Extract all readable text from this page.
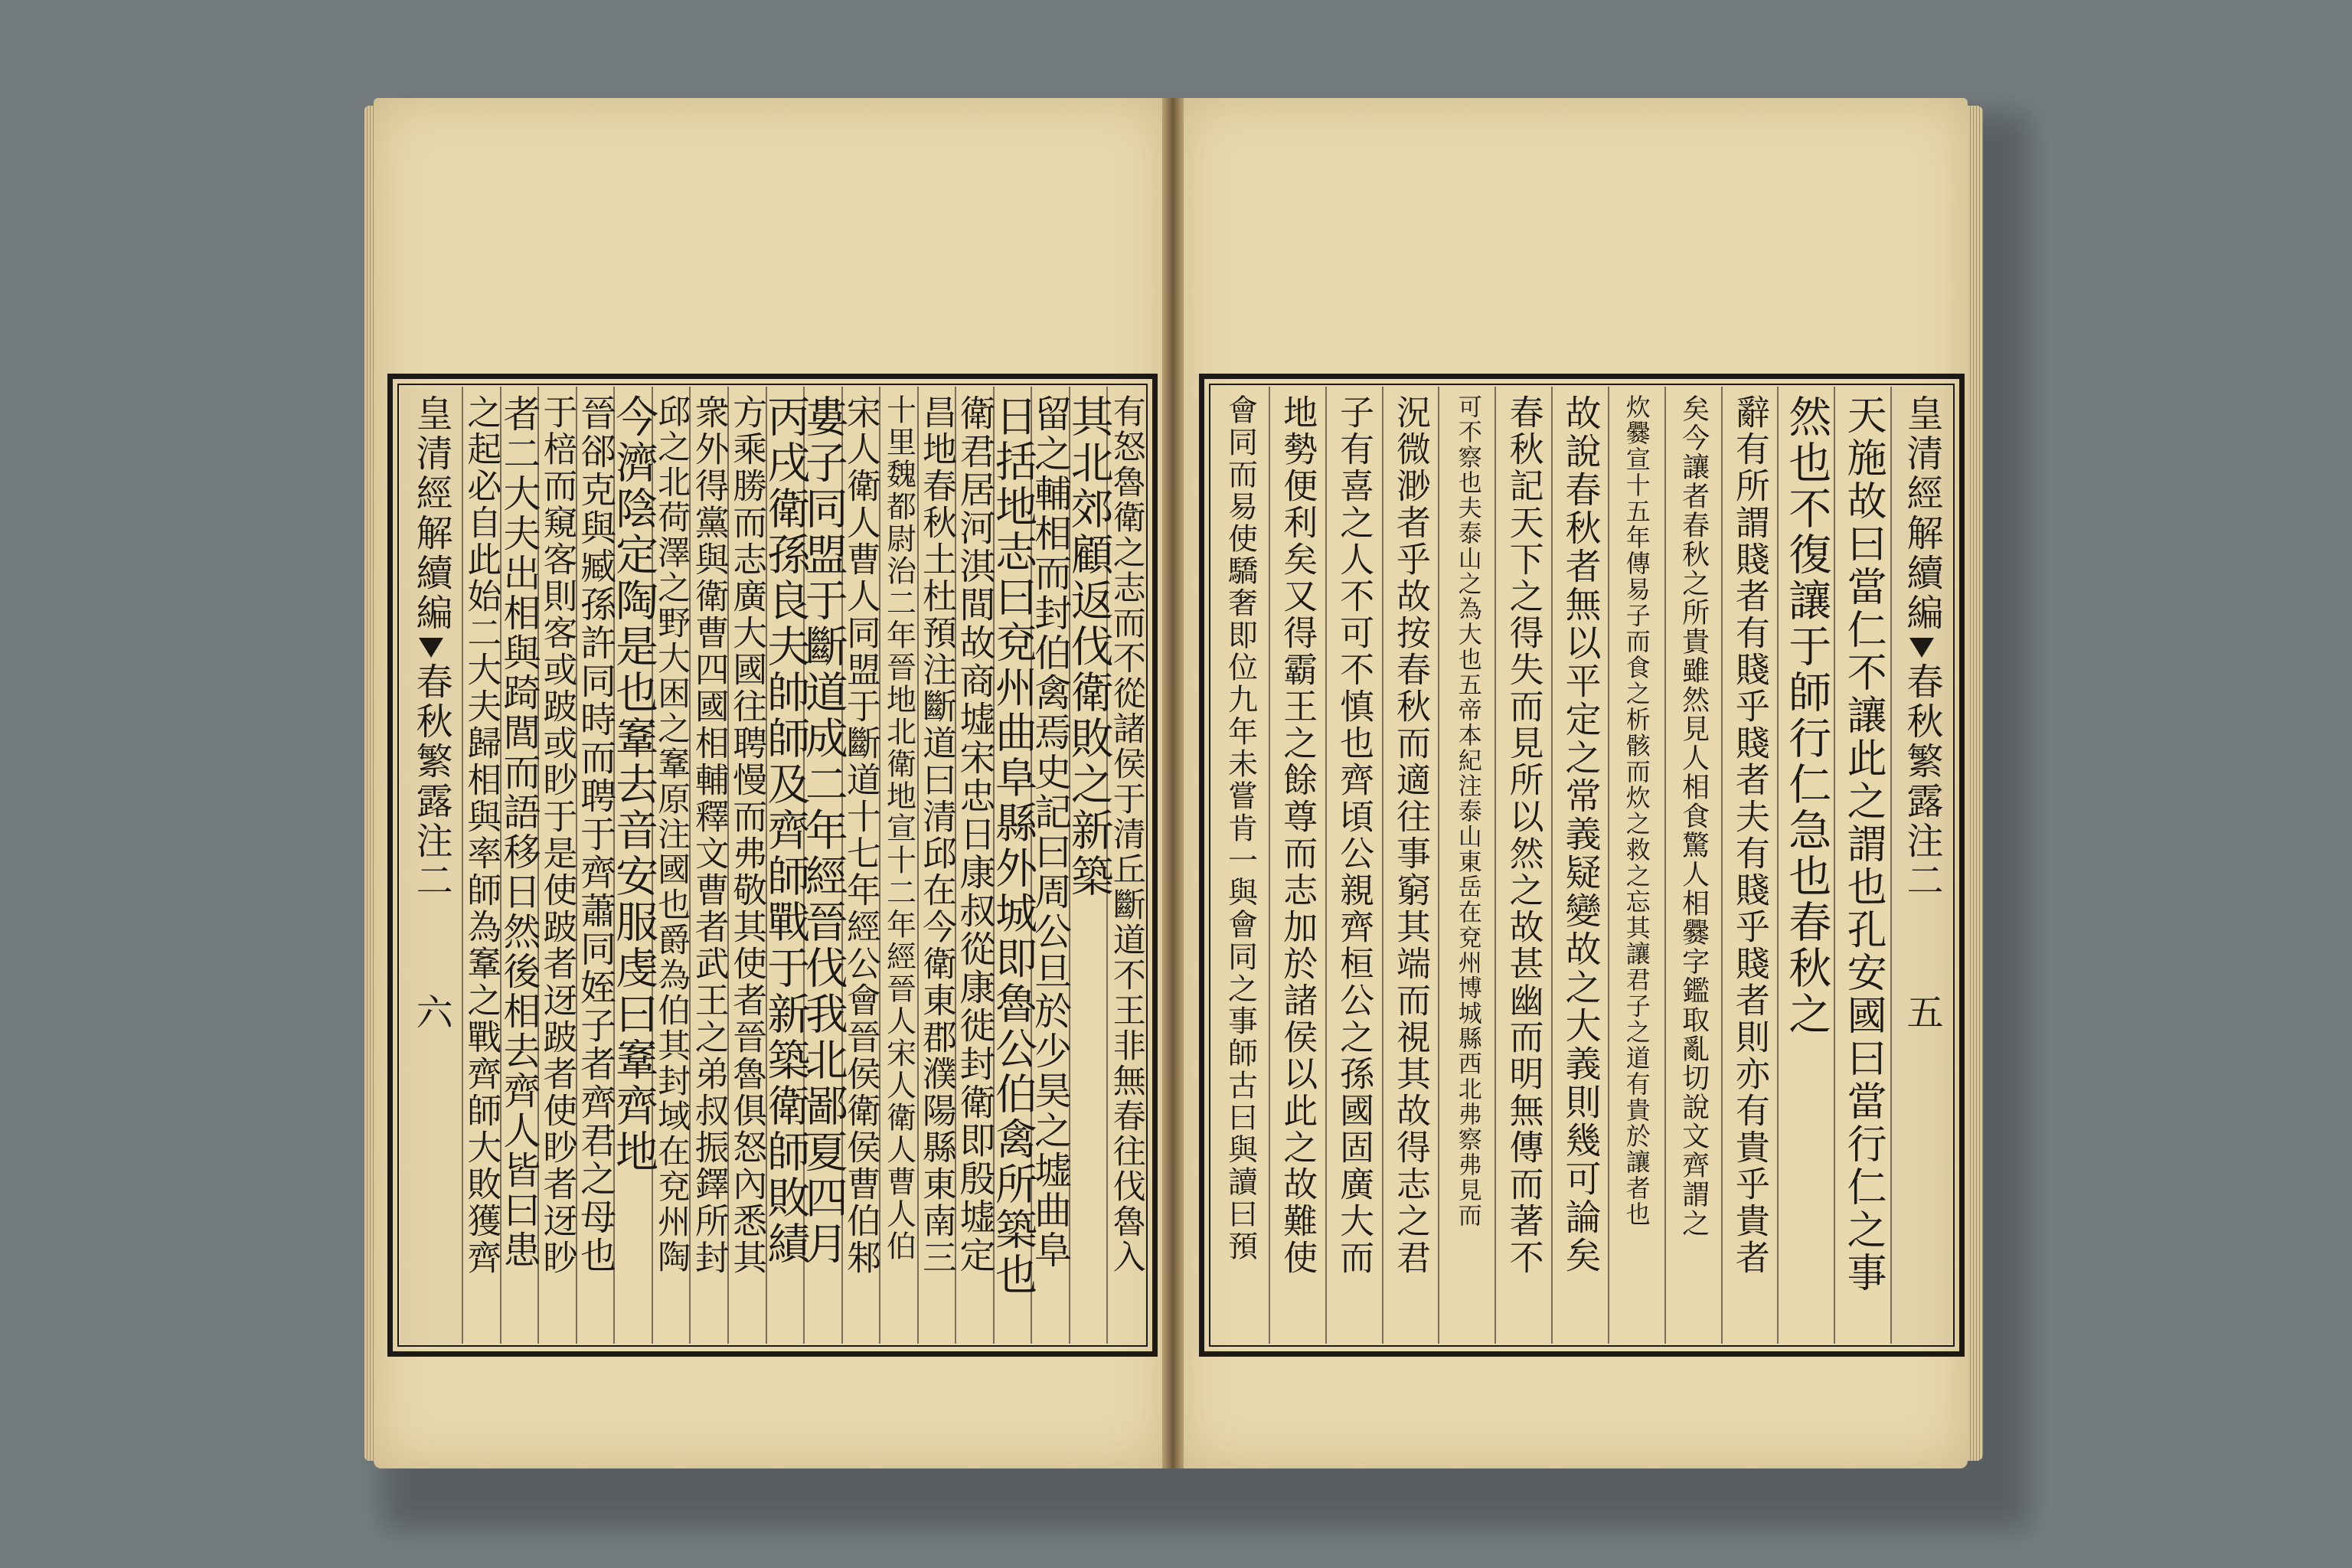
有怒魯衛之志而不從諸侯于清丘斷道不王非無春往伐魯入
其北郊顧返伐衛敗之新築
留之輔相而封伯禽焉史記曰周公旦於少昊之墟曲阜
日括地志曰兗州曲阜縣外城即魯公伯禽所築也
衛君居河淇間故商墟宋忠日康叔從康徙封衛即殷墟定
昌地春秋土杜預注斷道曰清邱在今衛東郡濮陽縣東南三
十里魏都尉治二年晉地北衛地宣十二年經晉人宋人衛人曹人伯
宋人衛人曹人同盟于斷道十七年經公會晉侯衛侯曹伯邾
婁子同盟于斷道成二年經晉伐我北鄙夏四月
丙戌衛孫良夫帥師及齊師戰于新築衛師敗績
方乘勝而志廣大國往聘慢而弗敬其使者晉魯俱怒內悉其
衆外得黨與衛曹四國相輔釋文曹者武王之弟叔振鐸所封
邱之北荷澤之野大困之鞌原注國也爵為伯其封域在兗州陶
今濟陰定陶是也鞌去音安服虔曰鞌齊地
晉郤克與臧孫許同時而聘于齊蕭同姪子者齊君之母也
于棓而窺客則客或跛或眇于是使跛者迓跛者使眇者迓眇
者二大夫出相與踦閭而語移日然後相去齊人皆曰患
之起必自此始二大夫歸相與率師為鞌之戰齊師大敗獲齊
皇清經解續編
春秋繁露注二
六
皇清經解續編
春秋繁露注二
五
天施故曰當仁不讓此之謂也孔安國曰當行仁之事
然也不復讓于師行仁急也春秋之
辭有所謂賤者有賤乎賤者夫有賤乎賤者則亦有貴乎貴者
矣今讓者春秋之所貴雖然見人相食驚人相爨字鑑取亂切說文齊謂之
炊爨宣十五年傳易子而食之析骸而炊之救之忘其讓君子之道有貴於讓者也
故說春秋者無以平定之常義疑變故之大義則幾可論矣
春秋記天下之得失而見所以然之故甚幽而明無傳而著不
可不察也夫泰山之為大也五帝本紀注泰山東岳在兗州博城縣西北弗察弗見而
況微渺者乎故按春秋而適往事窮其端而視其故得志之君
子有喜之人不可不慎也齊頃公親齊桓公之孫國固廣大而
地勢便利矣又得霸王之餘尊而志加於諸侯以此之故難使
會同而易使驕奢即位九年未嘗肯一與會同之事師古曰與讀曰預
